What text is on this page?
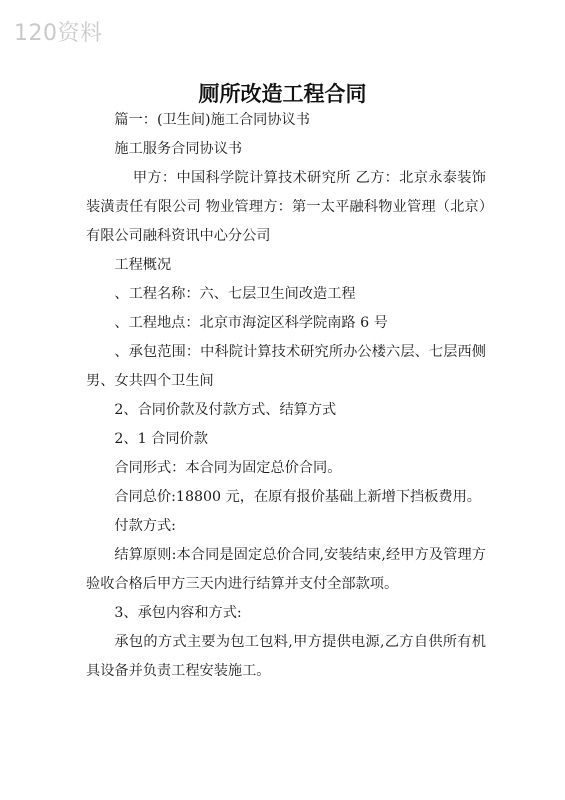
120资料
厕所改造工程合同

篇一：(卫生间)施工合同协议书

施工服务合同协议书

甲方：中国科学院计算技术研究所 乙方：北京永泰装饰装潢责任有限公司 物业管理方：第一太平融科物业管理（北京）有限公司融科资讯中心分公司

工程概况

、工程名称：六、七层卫生间改造工程

、工程地点：北京市海淀区科学院南路 6 号

、承包范围：中科院计算技术研究所办公楼六层、七层西侧男、女共四个卫生间

2、合同价款及付款方式、结算方式

2、1 合同价款

合同形式：本合同为固定总价合同。

合同总价:18800 元，在原有报价基础上新增下挡板费用。

付款方式:

结算原则:本合同是固定总价合同,安装结束,经甲方及管理方验收合格后甲方三天内进行结算并支付全部款项。

3、承包内容和方式:

承包的方式主要为包工包料,甲方提供电源,乙方自供所有机具设备并负责工程安装施工。
